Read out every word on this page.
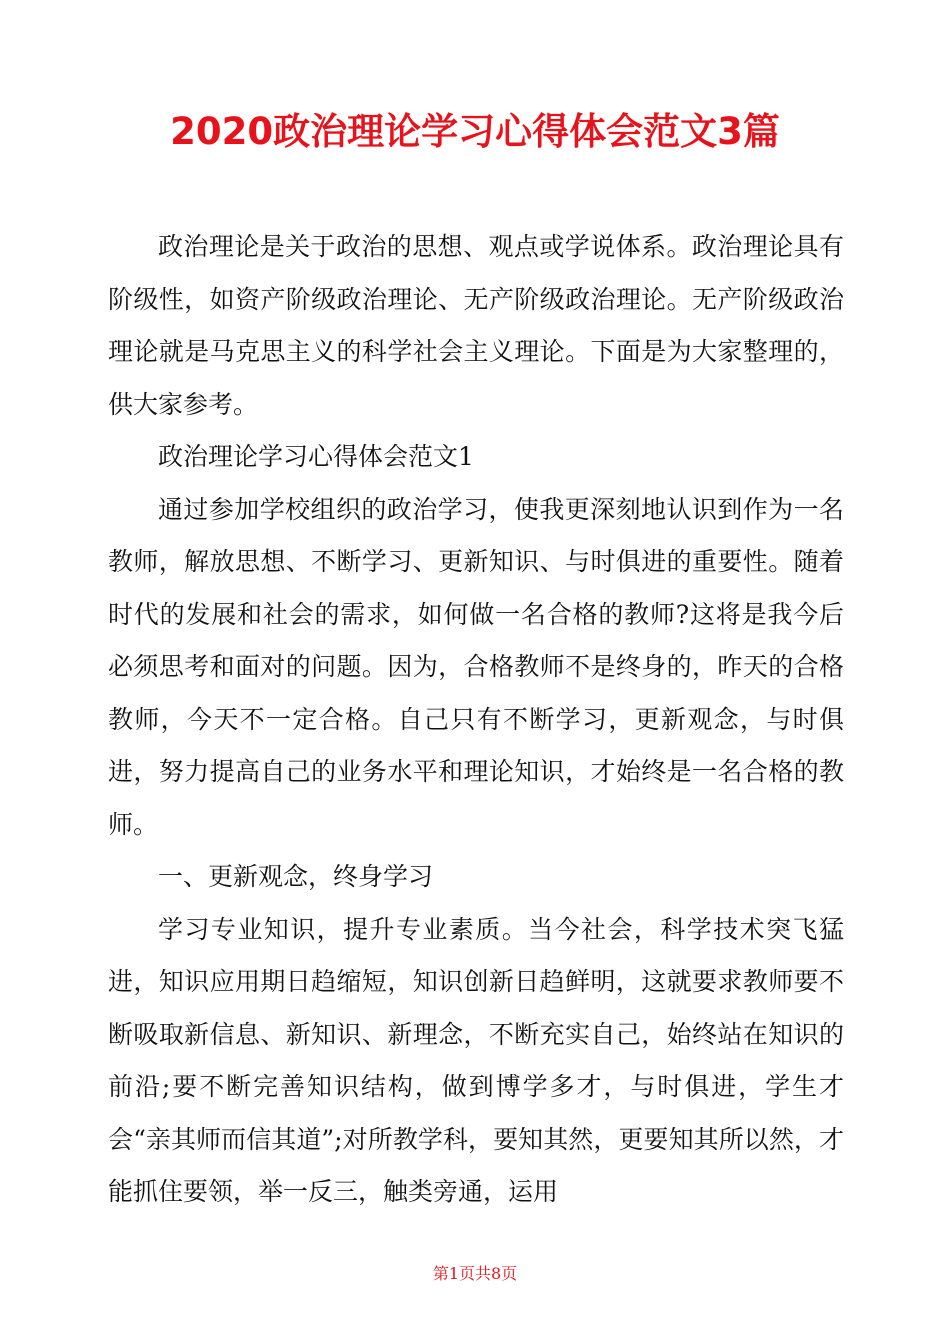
2020政治理论学习心得体会范文3篇

政治理论是关于政治的思想、观点或学说体系。政治理论具有阶级性，如资产阶级政治理论、无产阶级政治理论。无产阶级政治理论就是马克思主义的科学社会主义理论。下面是为大家整理的，供大家参考。

政治理论学习心得体会范文1

通过参加学校组织的政治学习，使我更深刻地认识到作为一名教师，解放思想、不断学习、更新知识、与时俱进的重要性。随着时代的发展和社会的需求，如何做一名合格的教师?这将是我今后必须思考和面对的问题。因为，合格教师不是终身的，昨天的合格教师，今天不一定合格。自己只有不断学习，更新观念，与时俱进，努力提高自己的业务水平和理论知识，才始终是一名合格的教师。

一、更新观念，终身学习

学习专业知识，提升专业素质。当今社会，科学技术突飞猛进，知识应用期日趋缩短，知识创新日趋鲜明，这就要求教师要不断吸取新信息、新知识、新理念，不断充实自己，始终站在知识的前沿;要不断完善知识结构，做到博学多才，与时俱进，学生才会“亲其师而信其道”;对所教学科，要知其然，更要知其所以然，才能抓住要领，举一反三，触类旁通，运用

第1页共8页
